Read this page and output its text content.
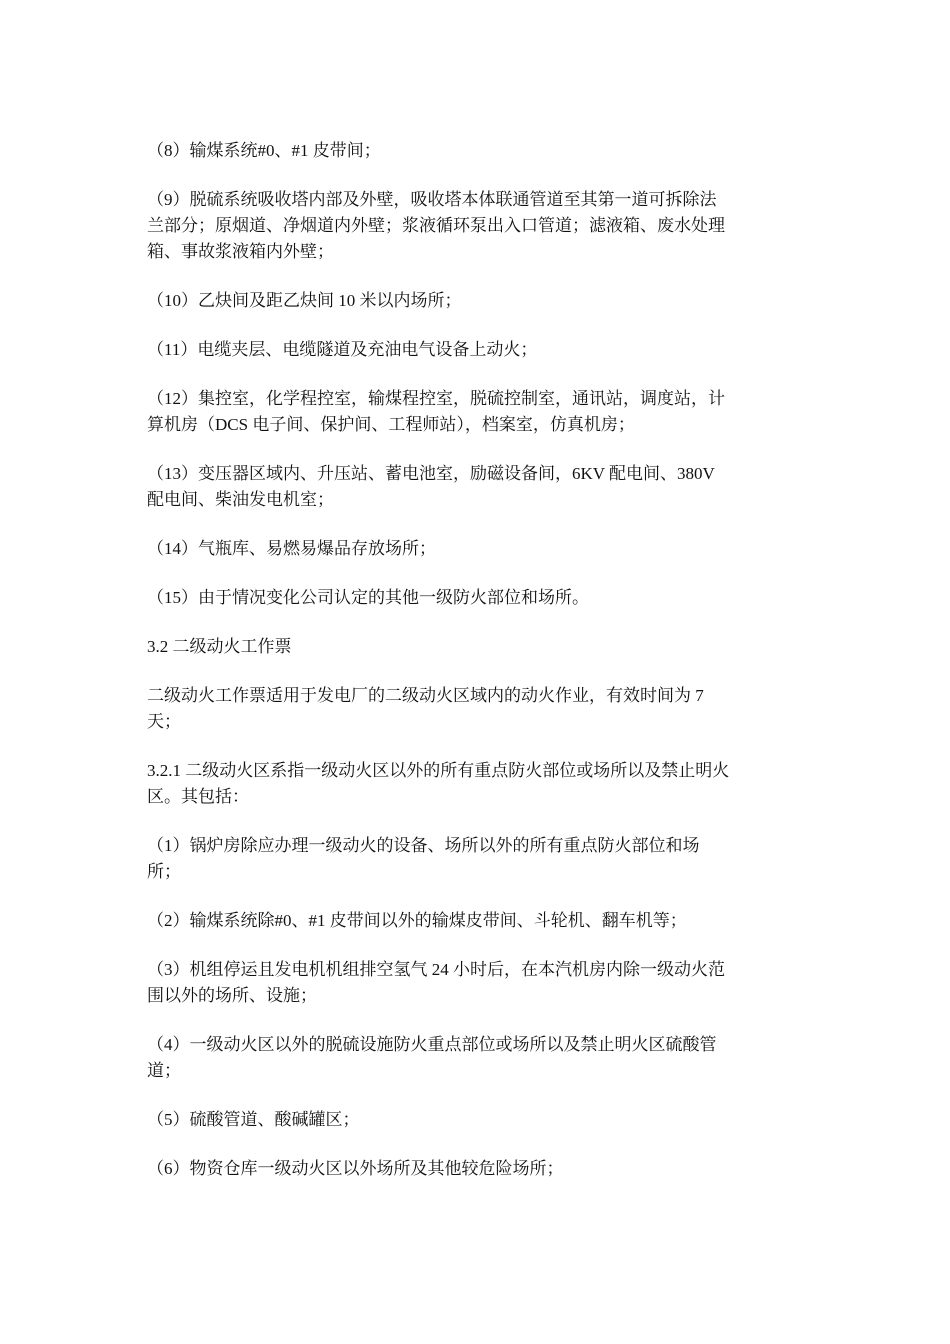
（8）输煤系统#0、#1 皮带间；

（9）脱硫系统吸收塔内部及外壁，吸收塔本体联通管道至其第一道可拆除法
兰部分；原烟道、净烟道内外壁；浆液循环泵出入口管道；滤液箱、废水处理
箱、事故浆液箱内外壁；

（10）乙炔间及距乙炔间 10 米以内场所；

（11）电缆夹层、电缆隧道及充油电气设备上动火；

（12）集控室，化学程控室，输煤程控室，脱硫控制室，通讯站，调度站，计
算机房（DCS 电子间、保护间、工程师站），档案室，仿真机房；

（13）变压器区域内、升压站、蓄电池室，励磁设备间，6KV 配电间、380V
配电间、柴油发电机室；

（14）气瓶库、易燃易爆品存放场所；

（15）由于情况变化公司认定的其他一级防火部位和场所。

3.2 二级动火工作票

二级动火工作票适用于发电厂的二级动火区域内的动火作业，有效时间为 7
天；

3.2.1 二级动火区系指一级动火区以外的所有重点防火部位或场所以及禁止明火
区。其包括：

（1）锅炉房除应办理一级动火的设备、场所以外的所有重点防火部位和场
所；

（2）输煤系统除#0、#1 皮带间以外的输煤皮带间、斗轮机、翻车机等；

（3）机组停运且发电机机组排空氢气 24 小时后，在本汽机房内除一级动火范
围以外的场所、设施；

（4）一级动火区以外的脱硫设施防火重点部位或场所以及禁止明火区硫酸管
道；

（5）硫酸管道、酸碱罐区；

（6）物资仓库一级动火区以外场所及其他较危险场所；
